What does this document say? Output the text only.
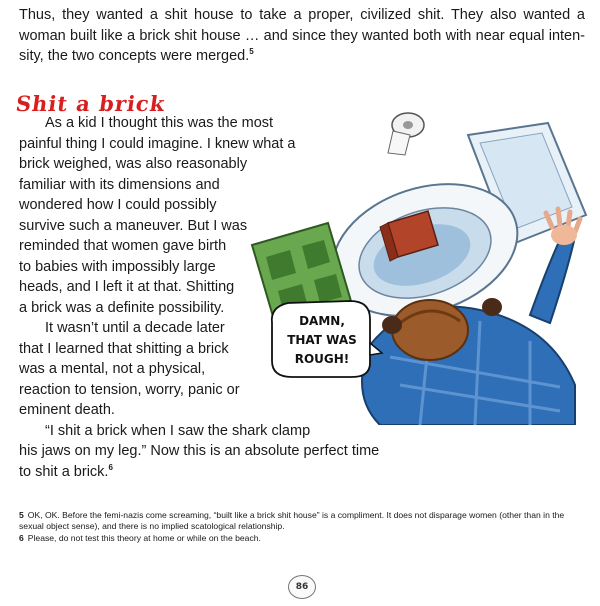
Thus, they wanted a shit house to take a proper, civilized shit. They also wanted a woman built like a brick shit house … and since they wanted both with near equal inten- sity, the two concepts were merged.$^5$

Shit a brick
As a kid I thought this was the most
painful thing I could imagine. I knew what a
brick weighed, was also reasonably
familiar with its dimensions and
wondered how I could possibly
survive such a maneuver. But I was
reminded that women gave birth
to babies with impossibly large
heads, and I left it at that. Shitting
a brick was a definite possibility.
It wasn’t until a decade later
that I learned that shitting a brick
was a mental, not a physical,
reaction to tension, worry, panic or
eminent death.
“I shit a brick when I saw the shark clamp
his jaws on my leg.” Now this is an absolute perfect time
to shit a brick.$^6$
DAMN,
THAT WAS
ROUGH!

5 OK, OK. Before the femi-nazis come screaming, “built like a brick shit house” is a compliment. It does not disparage women (other than in the sexual object sense), and there is no implied scatological relationship.

6 Please, do not test this theory at home or while on the beach.

86
